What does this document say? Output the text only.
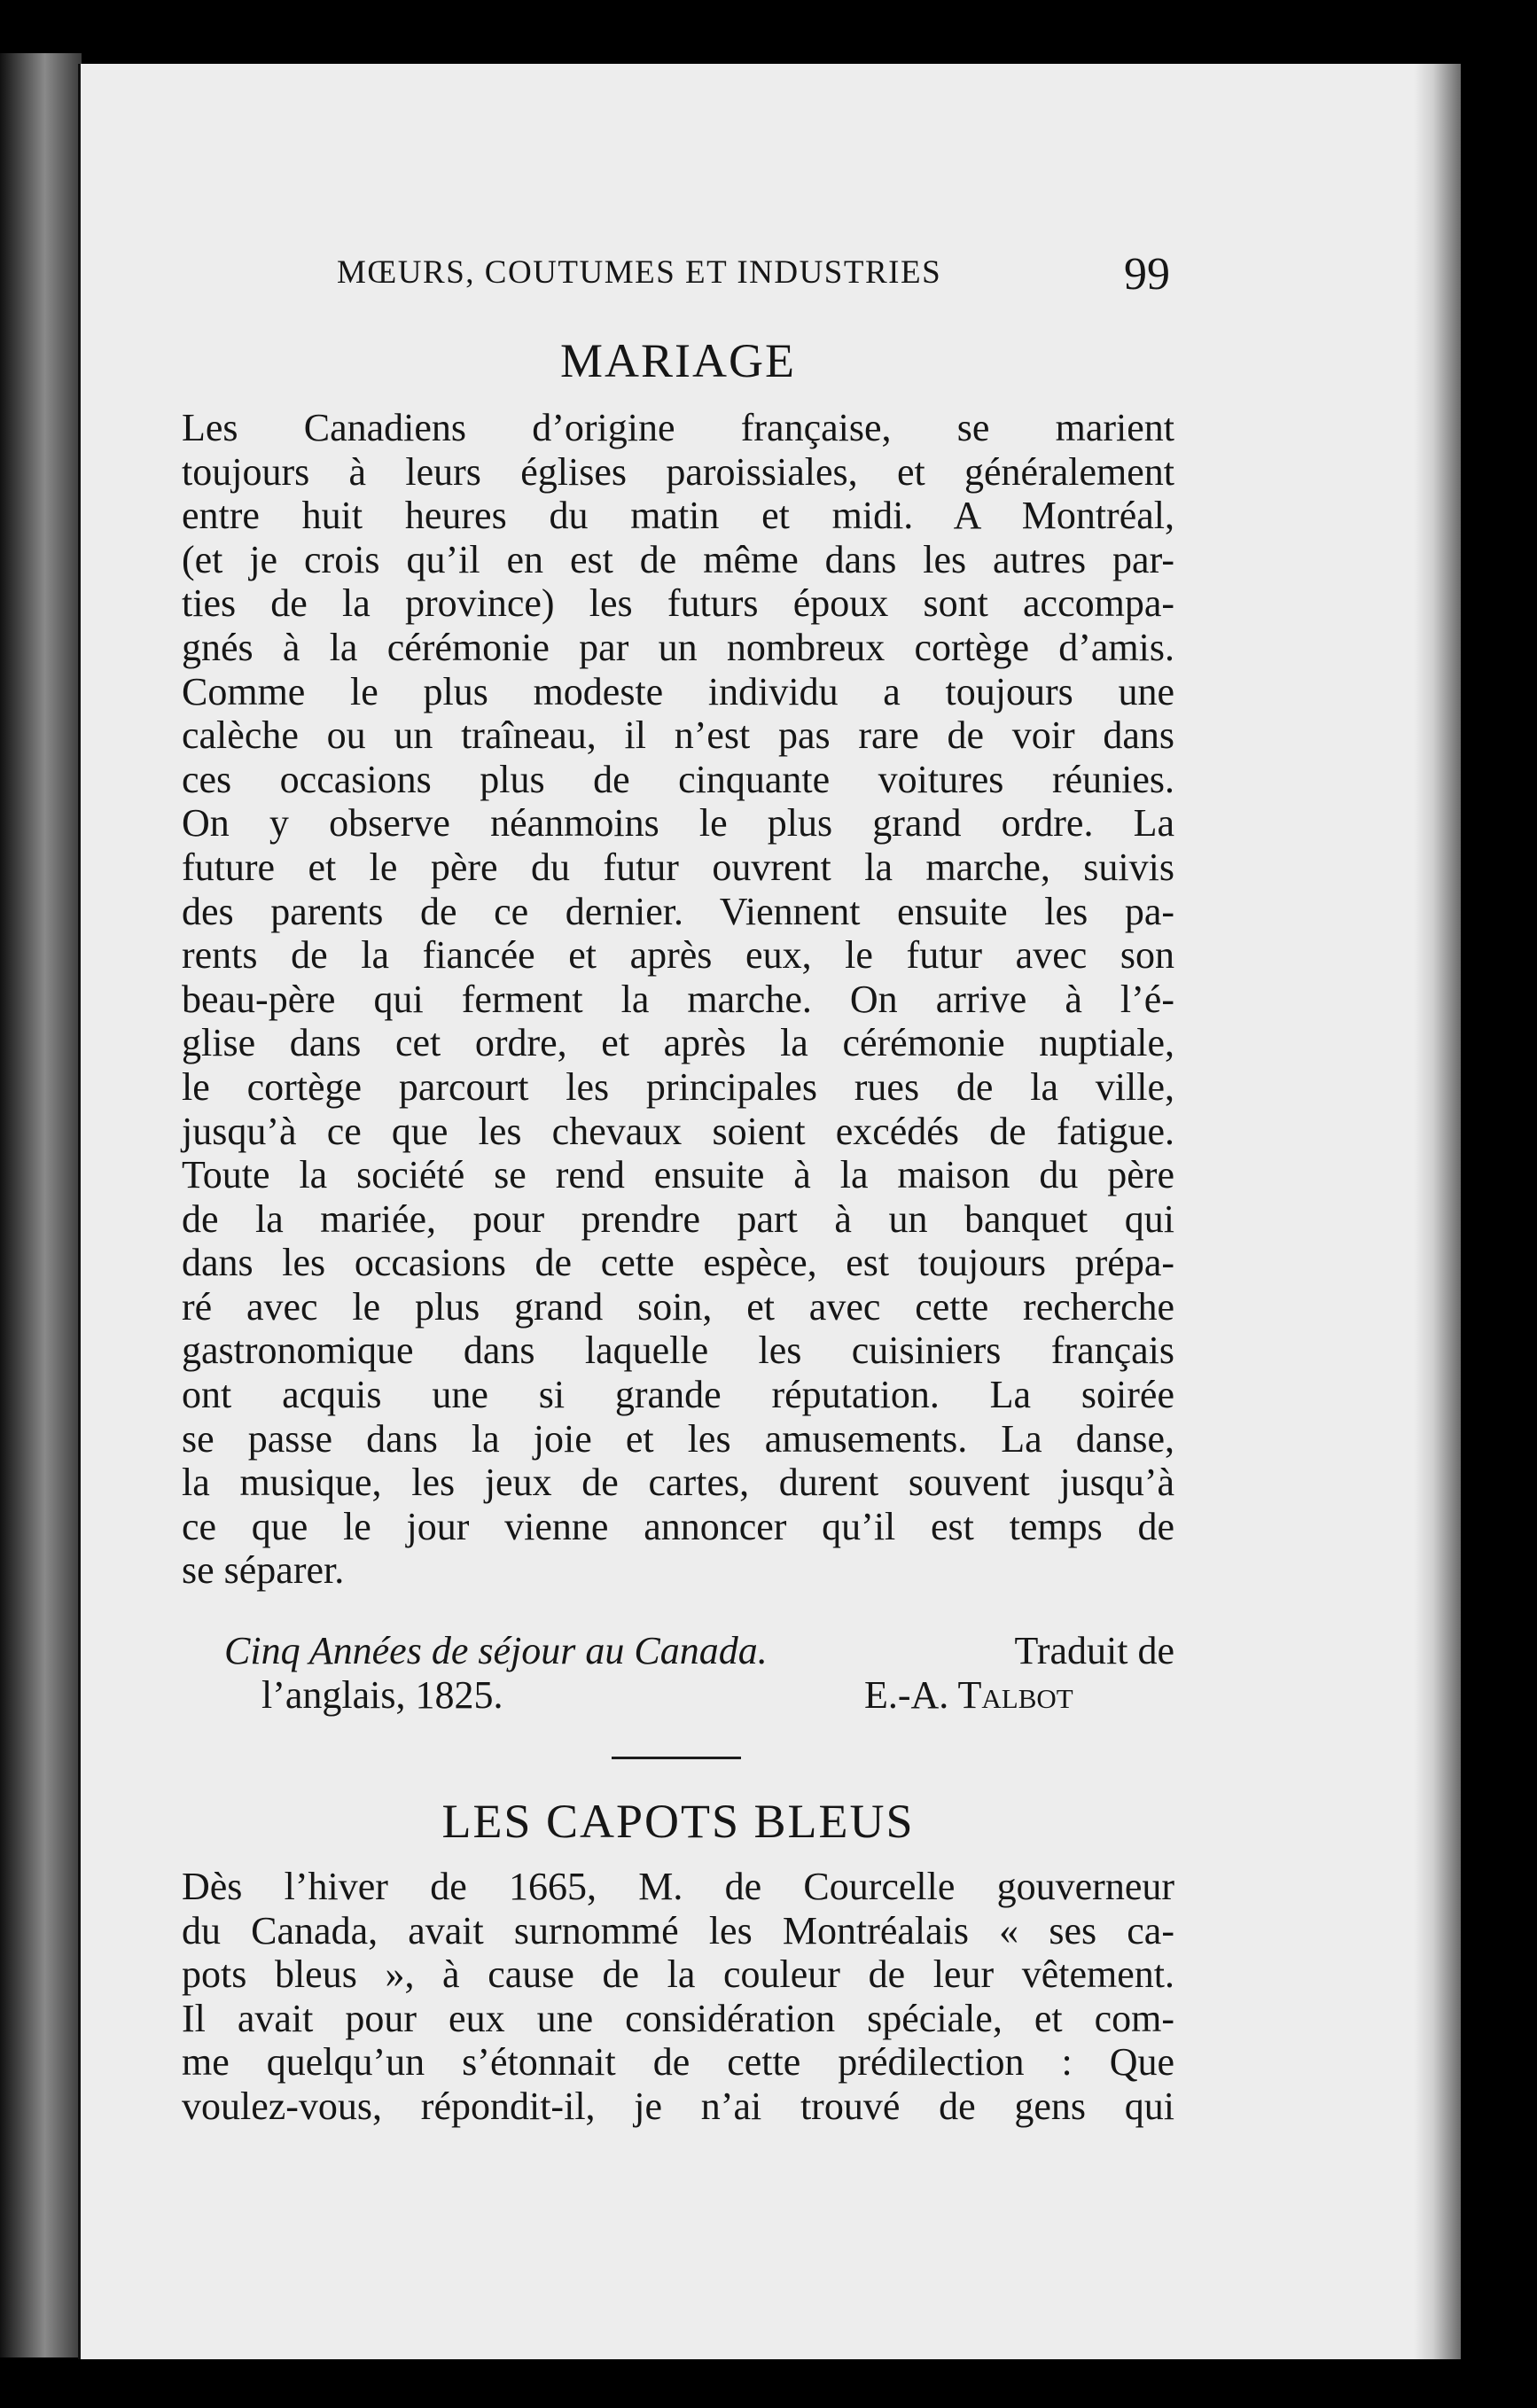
MŒURS, COUTUMES ET INDUSTRIES	99
MARIAGE
Les Canadiens d’origine française, se marient
toujours à leurs églises paroissiales, et généralement
entre huit heures du matin et midi. A Montréal,
(et je crois qu’il en est de même dans les autres par-
ties de la province) les futurs époux sont accompa-
gnés à la cérémonie par un nombreux cortège d’amis.
Comme le plus modeste individu a toujours une
calèche ou un traîneau, il n’est pas rare de voir dans
ces occasions plus de cinquante voitures réunies.
On y observe néanmoins le plus grand ordre. La
future et le père du futur ouvrent la marche, suivis
des parents de ce dernier. Viennent ensuite les pa-
rents de la fiancée et après eux, le futur avec son
beau-père qui ferment la marche. On arrive à l’é-
glise dans cet ordre, et après la cérémonie nuptiale,
le cortège parcourt les principales rues de la ville,
jusqu’à ce que les chevaux soient excédés de fatigue.
Toute la société se rend ensuite à la maison du père
de la mariée, pour prendre part à un banquet qui
dans les occasions de cette espèce, est toujours prépa-
ré avec le plus grand soin, et avec cette recherche
gastronomique dans laquelle les cuisiniers français
ont acquis une si grande réputation. La soirée
se passe dans la joie et les amusements. La danse,
la musique, les jeux de cartes, durent souvent jusqu’à
ce que le jour vienne annoncer qu’il est temps de
se séparer.
Cinq Années de séjour au Canada.	Traduit de
l’anglais, 1825.	E.-A. Talbot
LES CAPOTS BLEUS
Dès l’hiver de 1665, M. de Courcelle gouverneur
du Canada, avait surnommé les Montréalais « ses ca-
pots bleus », à cause de la couleur de leur vêtement.
Il avait pour eux une considération spéciale, et com-
me quelqu’un s’étonnait de cette prédilection : Que
voulez-vous, répondit-il, je n’ai trouvé de gens qui
